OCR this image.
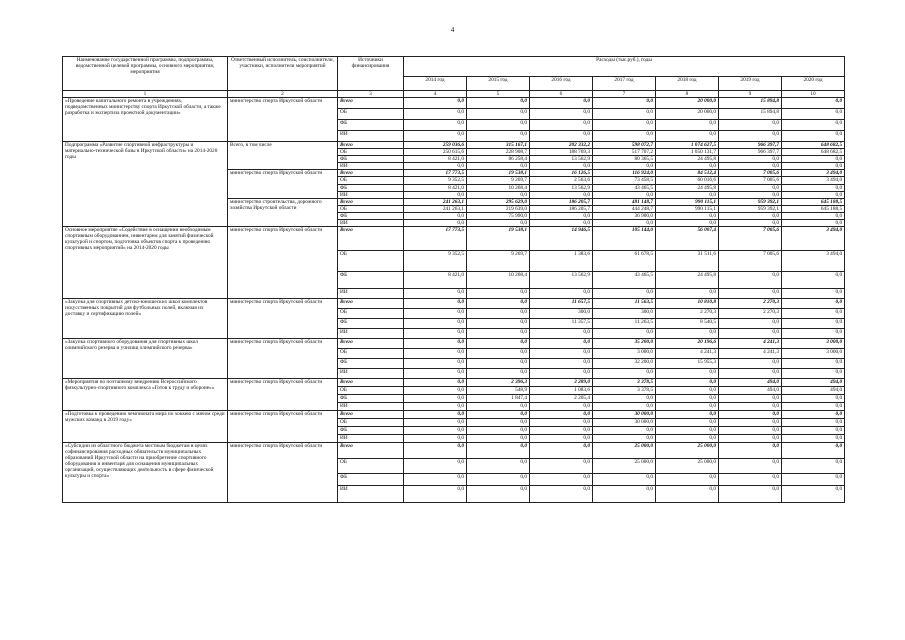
4
Наименование государственной программы, подпрограммы, ведомственной целевой программы, основного мероприятия, мероприятия	Ответственный исполнитель, соисполнители, участники, исполнители мероприятий	Источники финансирования	Расходы (тыс.руб.), годы						
			2014 год	2015 год	2016 год	2017 год	2018 год	2019 год	2020 год
1	2	3	4	5	6	7	8	9	10
«Проведение капитального ремонта в учреждениях, подведомственных министерству спорта Иркутской области, а также разработка и экспертиза проектной документации»	министерство спорта Иркутской области	Всего	0,0	0,0	0,0	0,0	20 000,0	15 894,8	0,0
		ОБ	0,0	0,0	0,0	0,0	20 000,0	15 894,8	0,0
		ФБ	0,0	0,0	0,0	0,0	0,0	0,0	0,0
		ИИ	0,0	0,0	0,0	0,0	0,0	0,0	0,0
Подпрограмма «Развитие спортивной инфраструктуры и материально-технической базы в Иркутской области» на 2014-2020 годы	Всего, в том числе	Всего	259 036,6	315 167,1	202 332,2	598 072,7	1 074 627,5	966 397,7	648 682,5
		ОБ	250 615,6	228 908,7	188 769,3	517 707,2	1 050 131,7	966 397,7	648 682,5
		ФБ	8 421,0	86 258,4	13 562,9	80 365,5	24 495,8	0,0	0,0
		ИИ	0,0	0,0	0,0	0,0	0,0	0,0	0,0
	министерство спорта Иркутской области	Всего	17 773,5	19 538,1	16 126,5	116 924,0	84 512,4	7 005,6	3 494,0
		ОБ	9 352,5	9 269,7	2 563,6	73 458,5	60 016,6	7 005,6	3 494,0
		ФБ	8 421,0	10 268,4	13 562,9	43 465,5	24 495,8	0,0	0,0
		ИИ	0,0	0,0	0,0	0,0	0,0	0,0	0,0
	министерство строительства, дорожного хозяйства Иркутской области	Всего	241 263,1	295 629,0	186 205,7	481 148,7	990 115,1	959 392,1	645 188,5
		ОБ	241 263,1	219 639,0	186 205,7	444 248,7	990 115,1	959 392,1	645 188,5
		ФБ	0,0	75 990,0	0,0	36 900,0	0,0	0,0	0,0
		ИИ	0,0	0,0	0,0	0,0	0,0	0,0	0,0
Основное мероприятие «Содействие в оснащении необходимым спортивным оборудованием, инвентарем для занятий физической культурой и спортом, подготовка объектов спорта к проведению спортивных мероприятий» на 2014-2020 годы	министерство спорта Иркутской области	Всего	17 773,5	19 538,1	14 946,5	105 144,0	56 007,4	7 005,6	3 494,0
		ОБ	9 352,5	9 269,7	1 383,6	61 678,5	31 511,6	7 005,6	3 494,0
		ФБ	8 421,0	10 268,4	13 562,9	43 465,5	24 495,8	0,0	0,0
		ИИ	0,0	0,0	0,0	0,0	0,0	0,0	0,0
«Закупка для спортивных детско-юношеских школ комплектов искусственных покрытий для футбольных полей, включая их доставку и сертификацию полей»	министерство спорта Иркутской области	Всего	0,0	0,0	11 657,5	11 563,5	10 810,8	2 270,3	0,0
		ОБ	0,0	0,0	300,0	300,0	2 270,3	2 270,3	0,0
		ФБ	0,0	0,0	11 357,5	11 263,5	8 540,5	0,0	0,0
		ИИ	0,0	0,0	0,0	0,0	0,0	0,0	0,0
«Закупка спортивного оборудования для спортивных школ олимпийского резерва и училищ олимпийского резерва»	министерство спорта Иркутской области	Всего	0,0	0,0	0,0	35 200,0	20 196,6	4 241,3	3 000,0
		ОБ	0,0	0,0	0,0	3 000,0	4 241,3	4 241,3	3 000,0
		ФБ	0,0	0,0	0,0	32 200,0	15 955,3	0,0	0,0
		ИИ	0,0	0,0	0,0	0,0	0,0	0,0	0,0
«Мероприятия по поэтапному внедрению Всероссийского физкультурно-спортивного комплекса «Готов к труду и обороне»»	министерство спорта Иркутской области	Всего	0,0	2 396,3	3 289,0	3 378,5	0,0	494,0	494,0
		ОБ	0,0	548,9	1 083,6	3 378,5	0,0	494,0	494,0
		ФБ	0,0	1 847,4	2 205,4	0,0	0,0	0,0	0,0
		ИИ	0,0	0,0	0,0	0,0	0,0	0,0	0,0
«Подготовка к проведению чемпионата мира по хоккею с мячом среди мужских команд в 2019 году»	министерство спорта Иркутской области	Всего	0,0	0,0	0,0	30 000,0	0,0	0,0	0,0
		ОБ	0,0	0,0	0,0	30 000,0	0,0	0,0	0,0
		ФБ	0,0	0,0	0,0	0,0	0,0	0,0	0,0
		ИИ	0,0	0,0	0,0	0,0	0,0	0,0	0,0
«Субсидии из областного бюджета местным бюджетам в целях софинансирования расходных обязательств муниципальных образований Иркутской области на приобретение спортивного оборудования и инвентаря для оснащения муниципальных организаций, осуществляющих деятельность в сфере физической культуры и спорта»	министерство спорта Иркутской области	Всего	0,0	0,0	0,0	25 000,0	25 000,0	0,0	0,0
		ОБ	0,0	0,0	0,0	25 000,0	25 000,0	0,0	0,0
		ФБ	0,0	0,0	0,0	0,0	0,0	0,0	0,0
		ИИ	0,0	0,0	0,0	0,0	0,0	0,0	0,0
